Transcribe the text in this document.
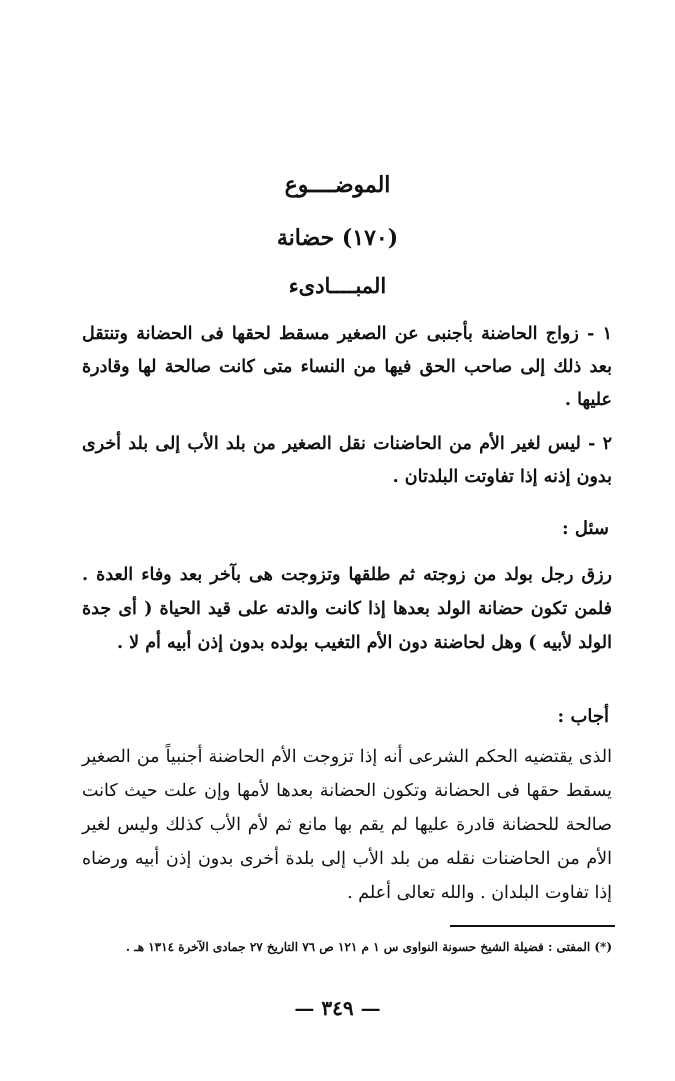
الموضــــوع
(١٧٠) حضانة
المبــــادىء
١ - زواج الحاضنة بأجنبى عن الصغير مسقط لحقها فى الحضانة وتنتقل بعد ذلك إلى صاحب الحق فيها من النساء متى كانت صالحة لها وقادرة عليها .
٢ - ليس لغير الأم من الحاضنات نقل الصغير من بلد الأب إلى بلد أخرى بدون إذنه إذا تفاوتت البلدتان .
سئل :
رزق رجل بولد من زوجته ثم طلقها وتزوجت هى بآخر بعد وفاء العدة . فلمن تكون حضانة الولد بعدها إذا كانت والدته على قيد الحياة ( أى جدة الولد لأبيه ) وهل لحاضنة دون الأم التغيب بولده بدون إذن أبيه أم لا .
أجاب :
الذى يقتضيه الحكم الشرعى أنه إذا تزوجت الأم الحاضنة أجنبياً من الصغير يسقط حقها فى الحضانة وتكون الحضانة بعدها لأمها وإن علت حيث كانت صالحة للحضانة قادرة عليها لم يقم بها مانع ثم لأم الأب كذلك وليس لغير الأم من الحاضنات نقله من بلد الأب إلى بلدة أخرى بدون إذن أبيه ورضاه إذا تفاوت البلدان . والله تعالى أعلم .
(*) المفتى : فضيلة الشيخ حسونة النواوى س ١ م ١٢١ ص ٧٦ التاريخ ٢٧ جمادى الآخرة ١٣١٤ هـ .
— ٣٤٩ —
